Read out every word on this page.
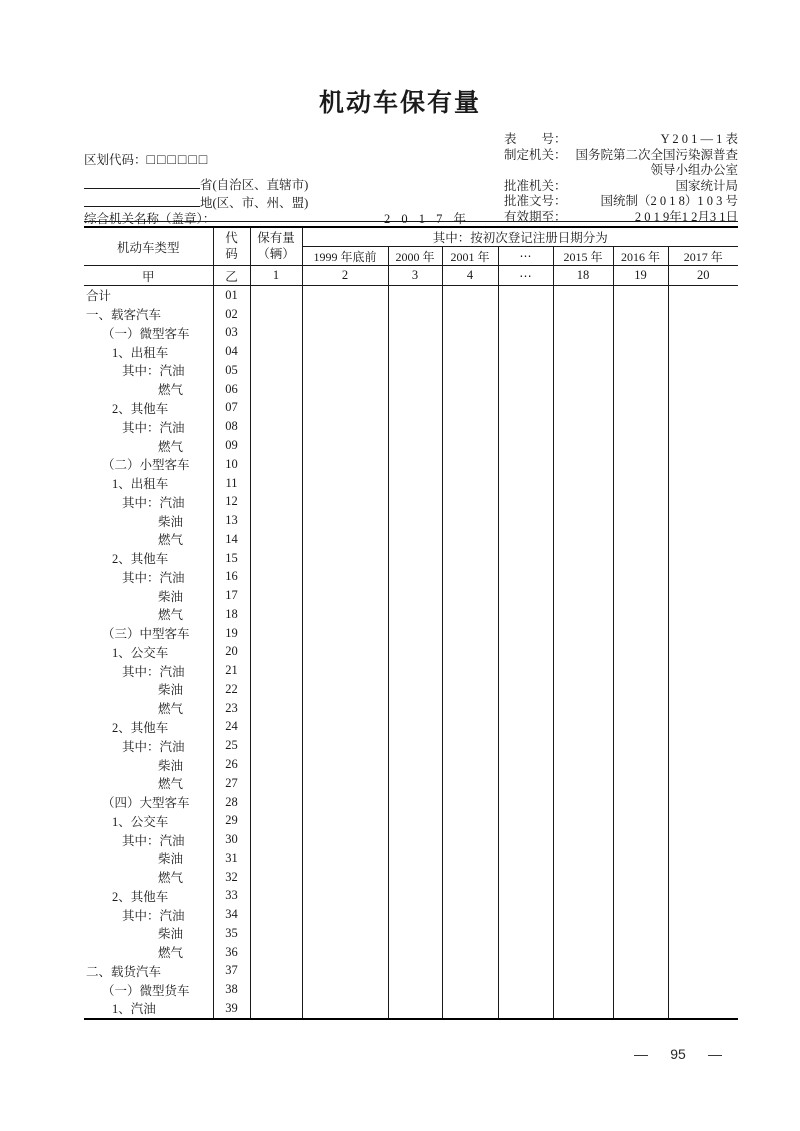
机动车保有量
表　　号：	Y 2 0 1 — 1 表
制定机关： 国务院第二次全国污染源普查
领导小组办公室
批准机关：	国家统计局
批准文号：	国统制（2 0 1 8）1 0 3 号
有效期至：	2 0 1 9年1 2月3 1日
区划代码：□□□□□□
省(自治区、直辖市)
地(区、市、州、盟)
综合机关名称（盖章）：	2 0 1 7 年
机动车类型	
代
码

保有量
（辆）
	其中：按初次登记注册日期分为
			1999 年底前	2000 年	2001 年	⋯	2015 年	2016 年	2017 年
甲	乙	1	2	3	4	⋯	18	19	20
合计	01								
一、载客汽车	02								
（一）微型客车	03								
1、出租车	04								
其中：汽油	05								
燃气	06								
2、其他车	07								
其中：汽油	08								
燃气	09								
（二）小型客车	10								
1、出租车	11								
其中：汽油	12								
柴油	13								
燃气	14								
2、其他车	15								
其中：汽油	16								
柴油	17								
燃气	18								
（三）中型客车	19								
1、公交车	20								
其中：汽油	21								
柴油	22								
燃气	23								
2、其他车	24								
其中：汽油	25								
柴油	26								
燃气	27								
（四）大型客车	28								
1、公交车	29								
其中：汽油	30								
柴油	31								
燃气	32								
2、其他车	33								
其中：汽油	34								
柴油	35								
燃气	36								
二、载货汽车	37								
（一）微型货车	38								
1、汽油	39								
— 95 —
